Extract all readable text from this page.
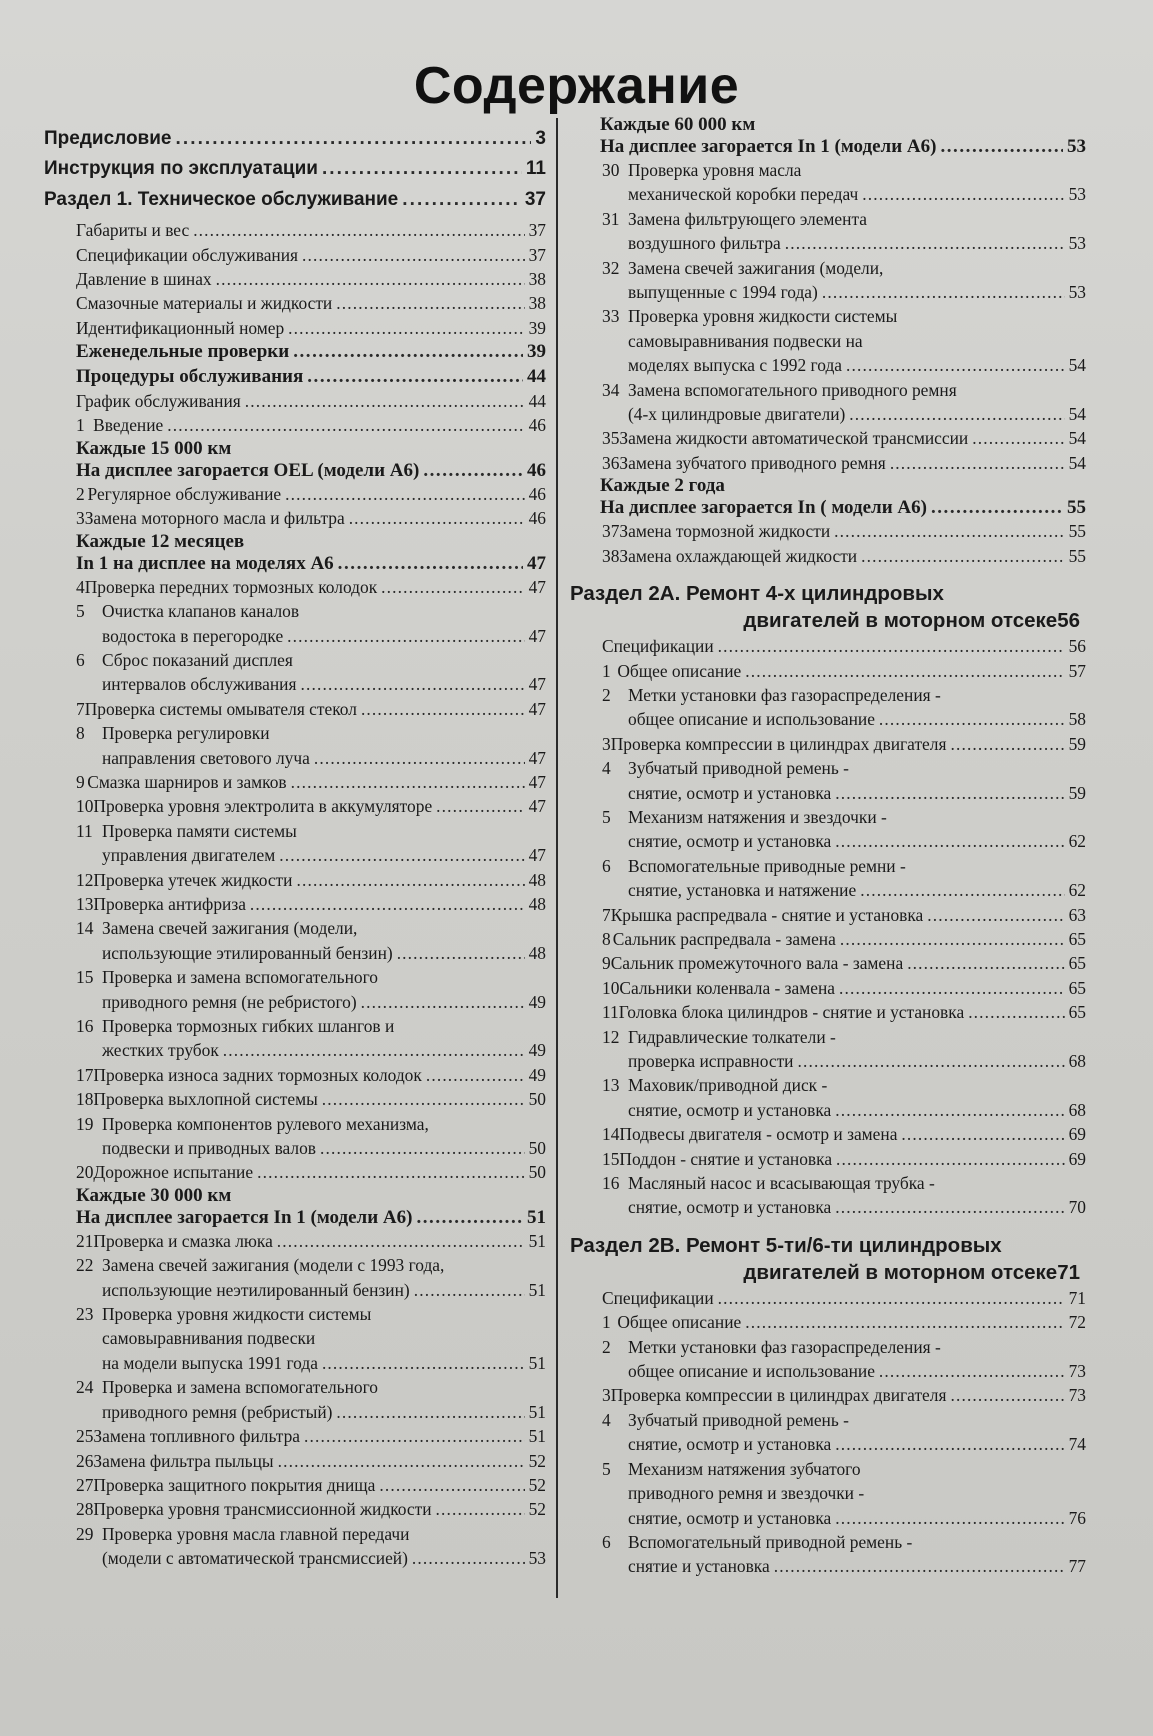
Содержание
Предисловие . . .	3
Инструкция по эксплуатации . . .	11
Раздел 1. Техническое обслуживание . . .	37
Габариты и вес . . .	37
Спецификации обслуживания . . .	37
Давление в шинах . . .	38
Смазочные материалы и жидкости . . .	38
Идентификационный номер . . .	39
Еженедельные проверки . . .	39
Процедуры обслуживания . . .	44
График обслуживания . . .	44
1 Введение . . .	46
Каждые 15 000 км
На дисплее загорается OEL (модели А6) . . .	46
2 Регулярное обслуживание . . .	46
3 Замена моторного масла и фильтра . . .	46
Каждые 12 месяцев
In 1 на дисплее на моделях А6 . . .	47
4 Проверка передних тормозных колодок . . .	47
5 Очистка клапанов каналов
водостока в перегородке . . .	47
6 Сброс показаний дисплея
интервалов обслуживания . . .	47
7 Проверка системы омывателя стекол . . .	47
8 Проверка регулировки
направления светового луча . . .	47
9 Смазка шарниров и замков . . .	47
10 Проверка уровня электролита в аккумуляторе . . .	47
11 Проверка памяти системы
управления двигателем . . .	47
12 Проверка утечек жидкости . . .	48
13 Проверка антифриза . . .	48
14 Замена свечей зажигания (модели,
использующие этилированный бензин) . . .	48
15 Проверка и замена вспомогательного
приводного ремня (не ребристого) . . .	49
16 Проверка тормозных гибких шлангов и
жестких трубок . . .	49
17 Проверка износа задних тормозных колодок . . .	49
18 Проверка выхлопной системы . . .	50
19 Проверка компонентов рулевого механизма,
подвески и приводных валов . . .	50
20 Дорожное испытание . . .	50
Каждые 30 000 км
На дисплее загорается In 1 (модели А6) . . .	51
21 Проверка и смазка люка . . .	51
22 Замена свечей зажигания (модели с 1993 года,
использующие неэтилированный бензин) . . .	51
23 Проверка уровня жидкости системы
самовыравнивания подвески
на модели выпуска 1991 года . . .	51
24 Проверка и замена вспомогательного
приводного ремня (ребристый) . . .	51
25 Замена топливного фильтра . . .	51
26 Замена фильтра пыльцы . . .	52
27 Проверка защитного покрытия днища . . .	52
28 Проверка уровня трансмиссионной жидкости . . .	52
29 Проверка уровня масла главной передачи
(модели с автоматической трансмиссией) . . .	53
Каждые 60 000 км
На дисплее загорается In 1 (модели А6) . . .	53
30 Проверка уровня масла
механической коробки передач . . .	53
31 Замена фильтрующего элемента
воздушного фильтра . . .	53
32 Замена свечей зажигания (модели,
выпущенные с 1994 года) . . .	53
33 Проверка уровня жидкости системы
самовыравнивания подвески на
моделях выпуска с 1992 года . . .	54
34 Замена вспомогательного приводного ремня
(4-х цилиндровые двигатели) . . .	54
35 Замена жидкости автоматической трансмиссии . . .	54
36 Замена зубчатого приводного ремня . . .	54
Каждые 2 года
На дисплее загорается In ( модели А6) . . .	55
37 Замена тормозной жидкости . . .	55
38 Замена охлаждающей жидкости . . .	55
Раздел 2A. Ремонт 4-х цилиндровых
двигателей в моторном отсеке56
Спецификации . . .	56
1 Общее описание . . .	57
2 Метки установки фаз газораспределения -
общее описание и использование . . .	58
3 Проверка компрессии в цилиндрах двигателя . . .	59
4 Зубчатый приводной ремень -
снятие, осмотр и установка . . .	59
5 Механизм натяжения и звездочки -
снятие, осмотр и установка . . .	62
6 Вспомогательные приводные ремни -
снятие, установка и натяжение . . .	62
7 Крышка распредвала - снятие и установка . . .	63
8 Сальник распредвала - замена . . .	65
9 Сальник промежуточного вала - замена . . .	65
10 Сальники коленвала - замена . . .	65
11 Головка блока цилиндров - снятие и установка . . .	65
12 Гидравлические толкатели -
проверка исправности . . .	68
13 Маховик/приводной диск -
снятие, осмотр и установка . . .	68
14 Подвесы двигателя - осмотр и замена . . .	69
15 Поддон - снятие и установка . . .	69
16 Масляный насос и всасывающая трубка -
снятие, осмотр и установка . . .	70
Раздел 2B. Ремонт 5-ти/6-ти цилиндровых
двигателей в моторном отсеке71
Спецификации . . .	71
1 Общее описание . . .	72
2 Метки установки фаз газораспределения -
общее описание и использование . . .	73
3 Проверка компрессии в цилиндрах двигателя . . .	73
4 Зубчатый приводной ремень -
снятие, осмотр и установка . . .	74
5 Механизм натяжения зубчатого
приводного ремня и звездочки -
снятие, осмотр и установка . . .	76
6 Вспомогательный приводной ремень -
снятие и установка . . .	77
